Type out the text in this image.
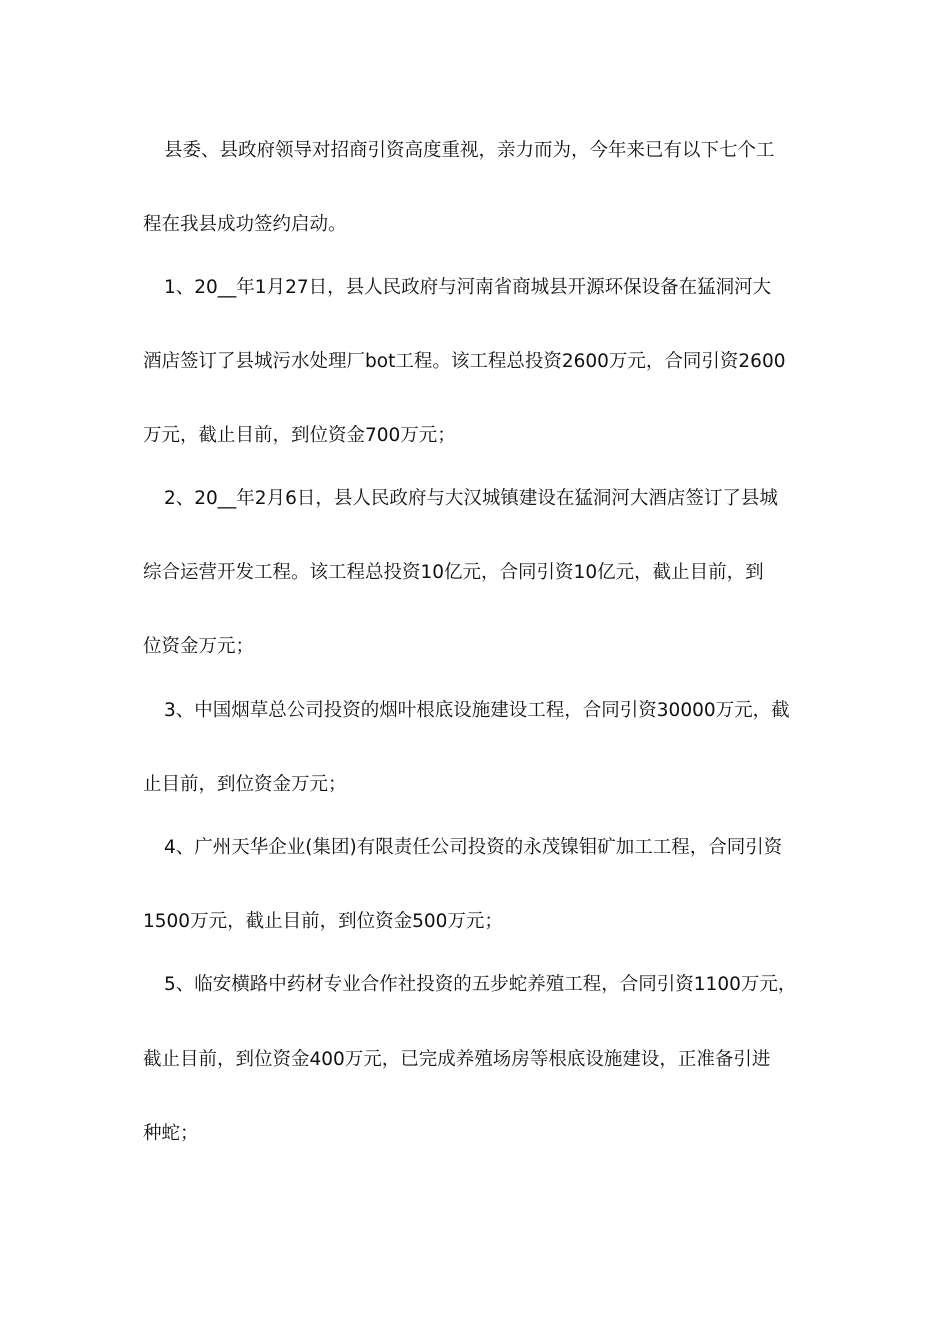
县委、县政府领导对招商引资高度重视，亲力而为，今年来已有以下七个工
程在我县成功签约启动。
1、20__年1月27日，县人民政府与河南省商城县开源环保设备在猛洞河大
酒店签订了县城污水处理厂bot工程。该工程总投资2600万元，合同引资2600
万元，截止目前，到位资金700万元；
2、20__年2月6日，县人民政府与大汉城镇建设在猛洞河大酒店签订了县城
综合运营开发工程。该工程总投资10亿元，合同引资10亿元，截止目前，到
位资金万元；
3、中国烟草总公司投资的烟叶根底设施建设工程，合同引资30000万元，截
止目前，到位资金万元；
4、广州天华企业(集团)有限责任公司投资的永茂镍钼矿加工工程，合同引资
1500万元，截止目前，到位资金500万元；
5、临安横路中药材专业合作社投资的五步蛇养殖工程，合同引资1100万元，
截止目前，到位资金400万元，已完成养殖场房等根底设施建设，正准备引进
种蛇；
